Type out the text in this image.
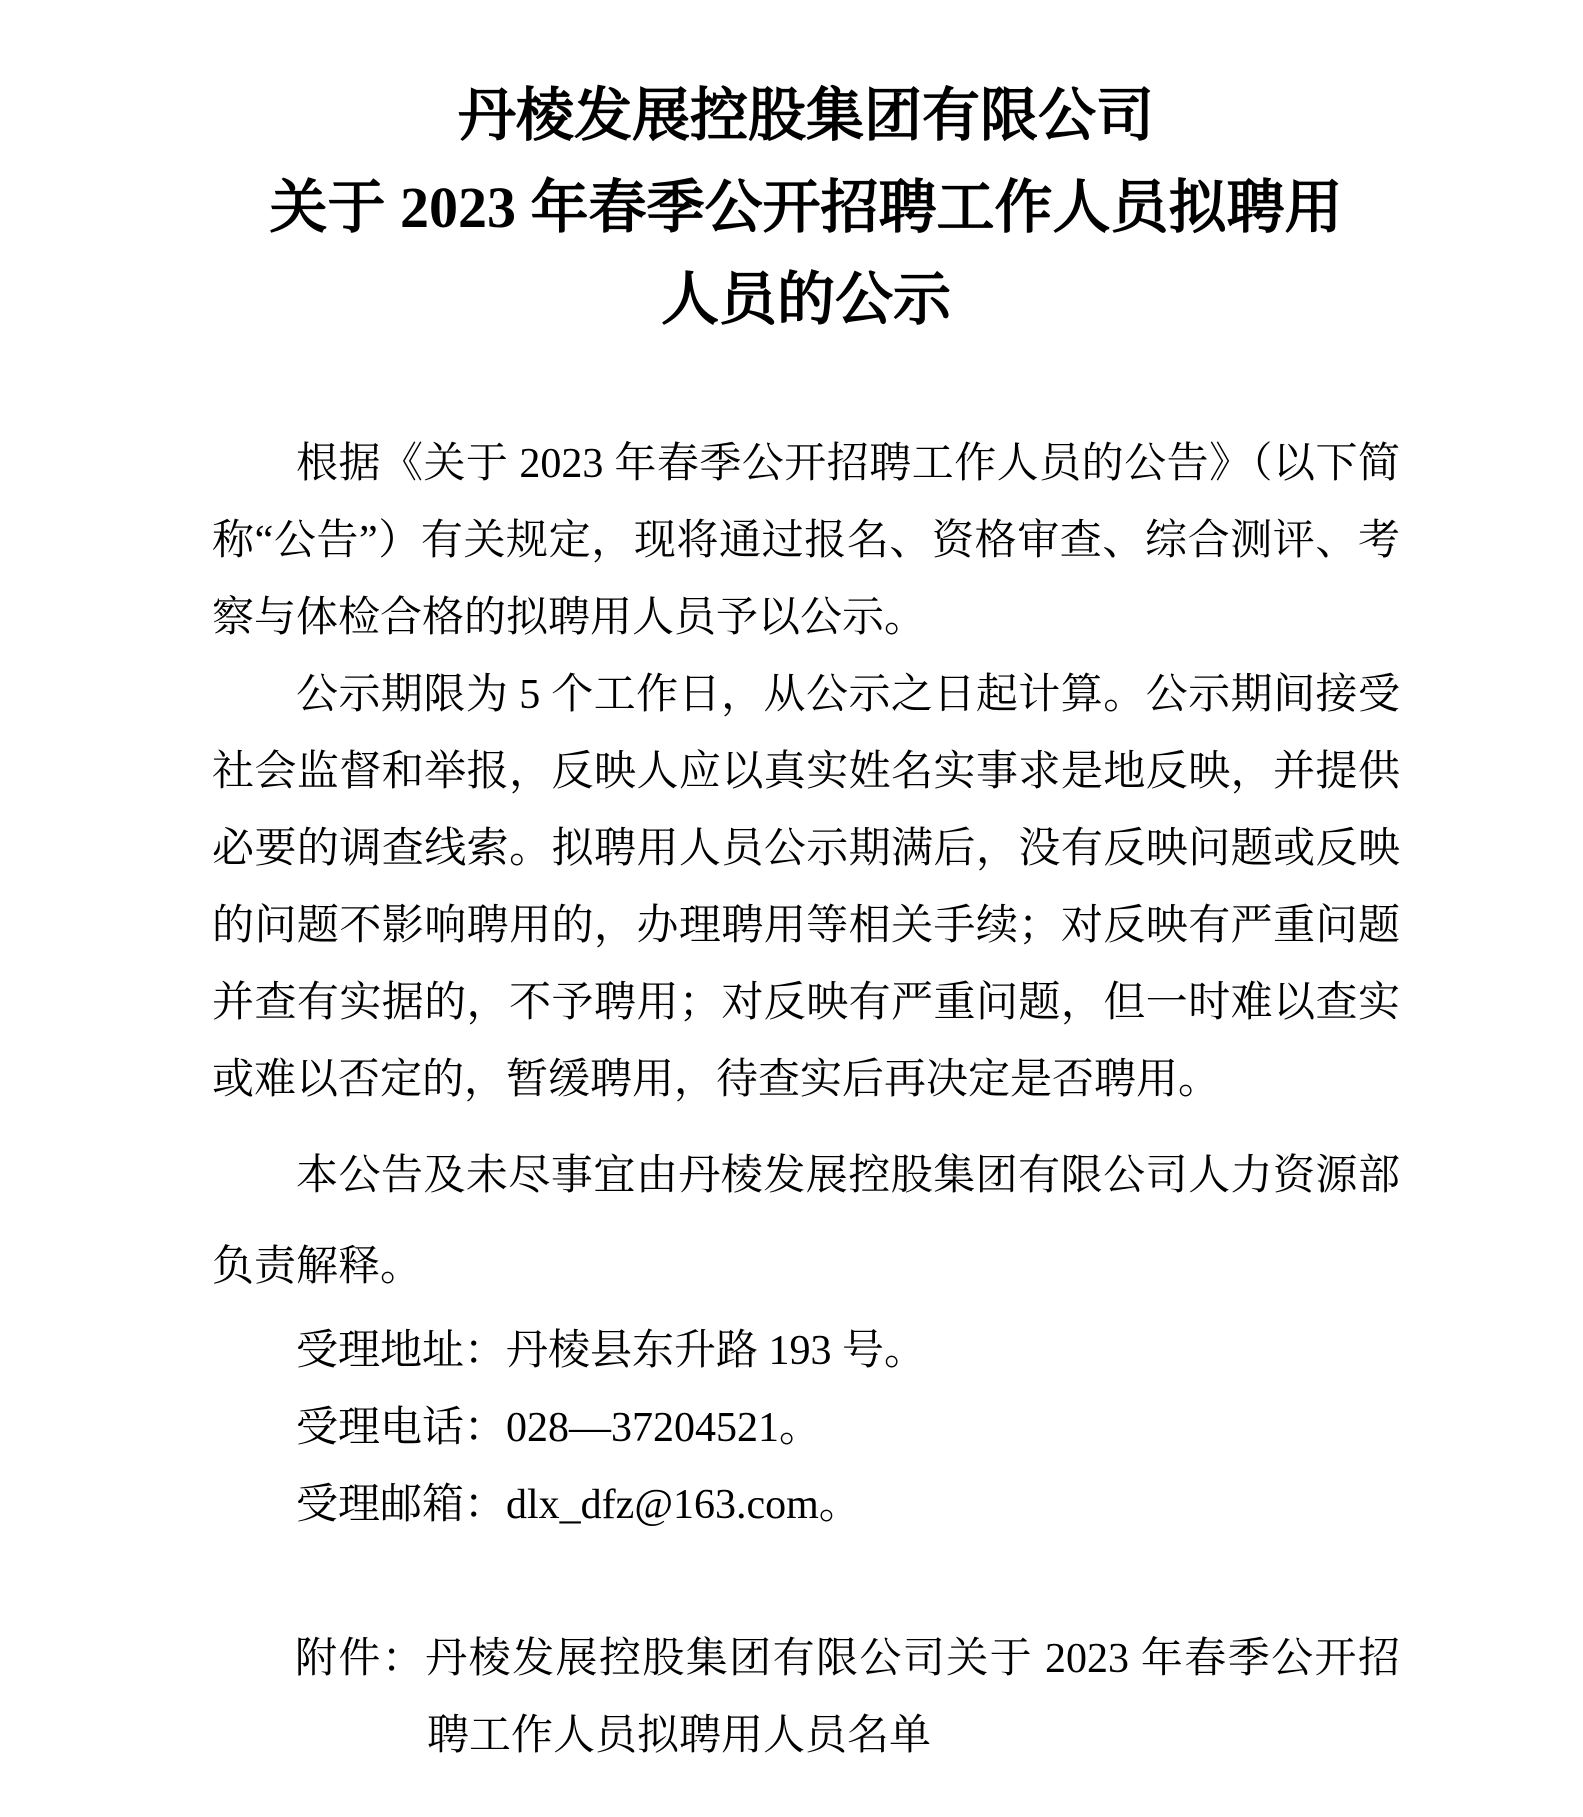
丹棱发展控股集团有限公司
关于 2023 年春季公开招聘工作人员拟聘用
人员的公示

根据《关于 2023 年春季公开招聘工作人员的公告》（以下简称“公告”）有关规定，现将通过报名、资格审查、综合测评、考察与体检合格的拟聘用人员予以公示。

公示期限为 5 个工作日，从公示之日起计算。公示期间接受社会监督和举报，反映人应以真实姓名实事求是地反映，并提供必要的调查线索。拟聘用人员公示期满后，没有反映问题或反映的问题不影响聘用的，办理聘用等相关手续；对反映有严重问题并查有实据的，不予聘用；对反映有严重问题，但一时难以查实或难以否定的，暂缓聘用，待查实后再决定是否聘用。

本公告及未尽事宜由丹棱发展控股集团有限公司人力资源部负责解释。

受理地址：丹棱县东升路 193 号。

受理电话：028—37204521。

受理邮箱：dlx_dfz@163.com。

附件：丹棱发展控股集团有限公司关于 2023 年春季公开招聘工作人员拟聘用人员名单
